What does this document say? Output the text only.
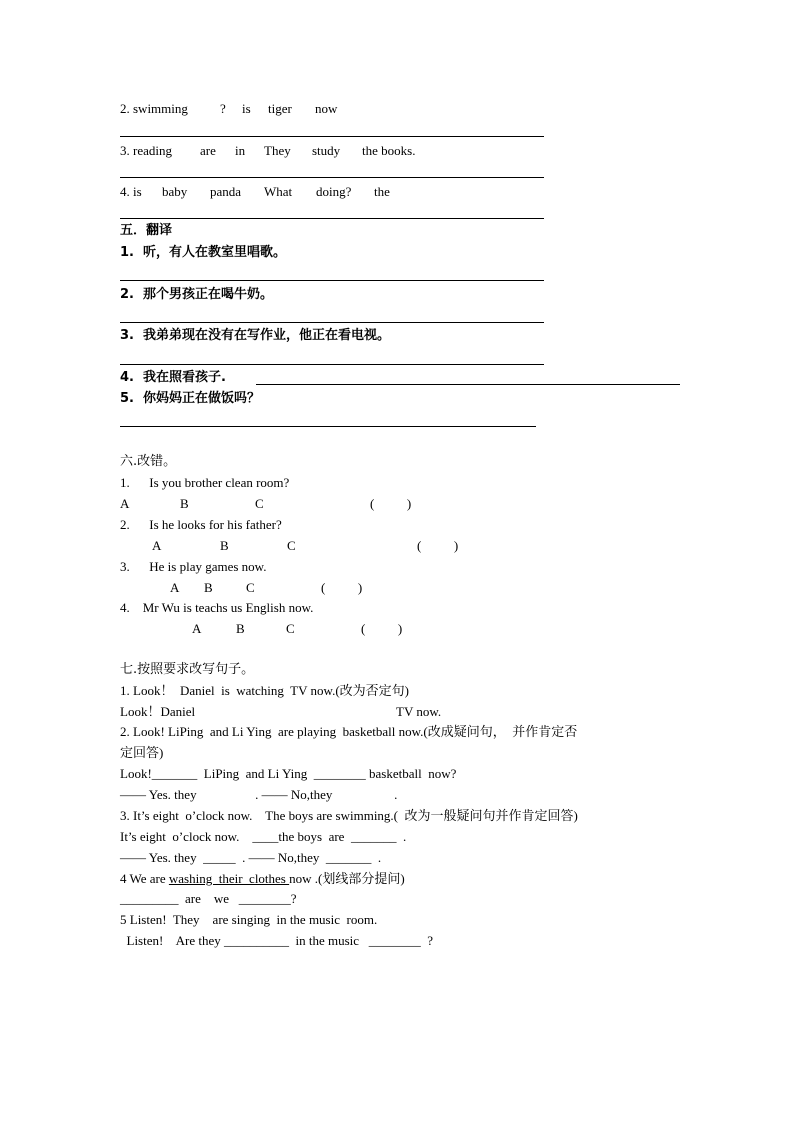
2. swimming ? is tiger now
3. reading are in They study the books.
4. is baby panda What doing? the
五．翻译
1.  听，有人在教室里唱歌。
2.  那个男孩正在喝牛奶。
3.  我弟弟现在没有在写作业，他正在看电视。
4.  我在照看孩子.
5.  你妈妈正在做饭吗？
六.改错。
1.      Is you brother clean room?
A	B	C	(          )
2.      Is he looks for his father?
A	B	C	(          )
3.      He is play games now.
A B	C	(          )
4.    Mr Wu is teachs us English now.
A	B	C	(          )
七.按照要求改写句子。
1. Look！  Daniel  is  watching  TV now.(改为否定句)
Look！Daniel	TV now.
2. Look! LiPing  and Li Ying  are playing  basketball now.(改成疑问句，  并作肯定否
定回答)
Look!_______  LiPing  and Li Ying  ________ basketball  now?
—— Yes. they                  . —— No,they                   .
3. It’s eight  o’clock now.    The boys are swimming.(  改为一般疑问句并作肯定回答)
It’s eight  o’clock now.    ____the boys  are  _______  .
—— Yes. they  _____  . —— No,they  _______  .
4 We are washing  their  clothes now .(划线部分提问)
_________  are    we   ________?
5 Listen!  They    are singing  in the music  room.
Listen!    Are they __________  in the music   ________  ?
